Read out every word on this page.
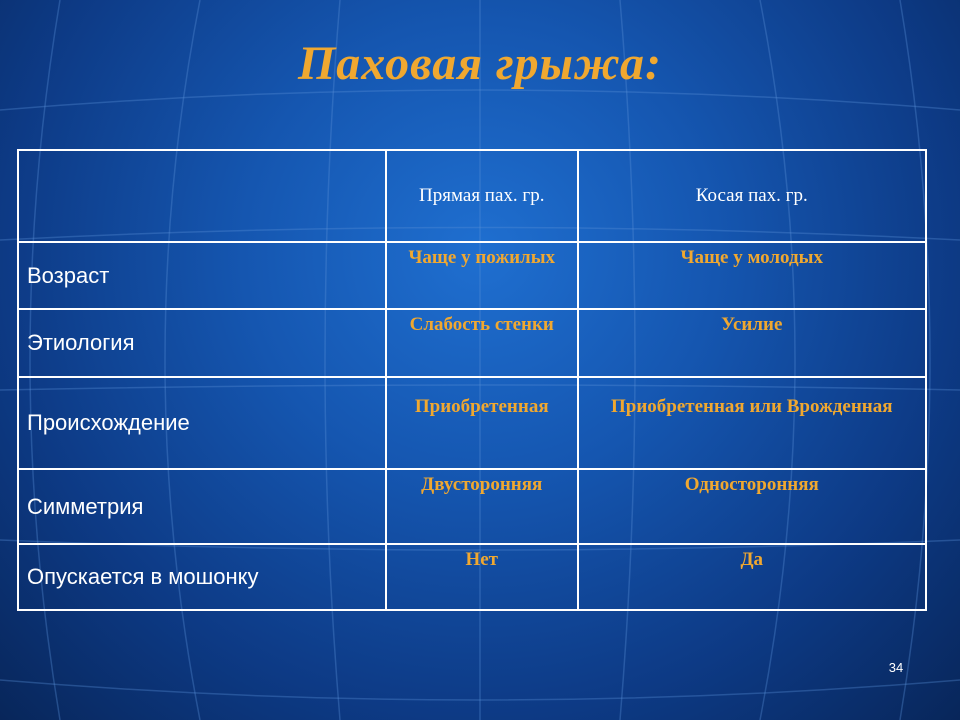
Паховая грыжа:
	Прямая пах. гр.	Косая пах. гр.
Возраст	Чаще у пожилых	Чаще у молодых
Этиология	Слабость стенки	Усилие
Происхождение	Приобретенная	Приобретенная или Врожденная
Симметрия	Двусторонняя	Односторонняя
Опускается в мошонку	Нет	Да
34
